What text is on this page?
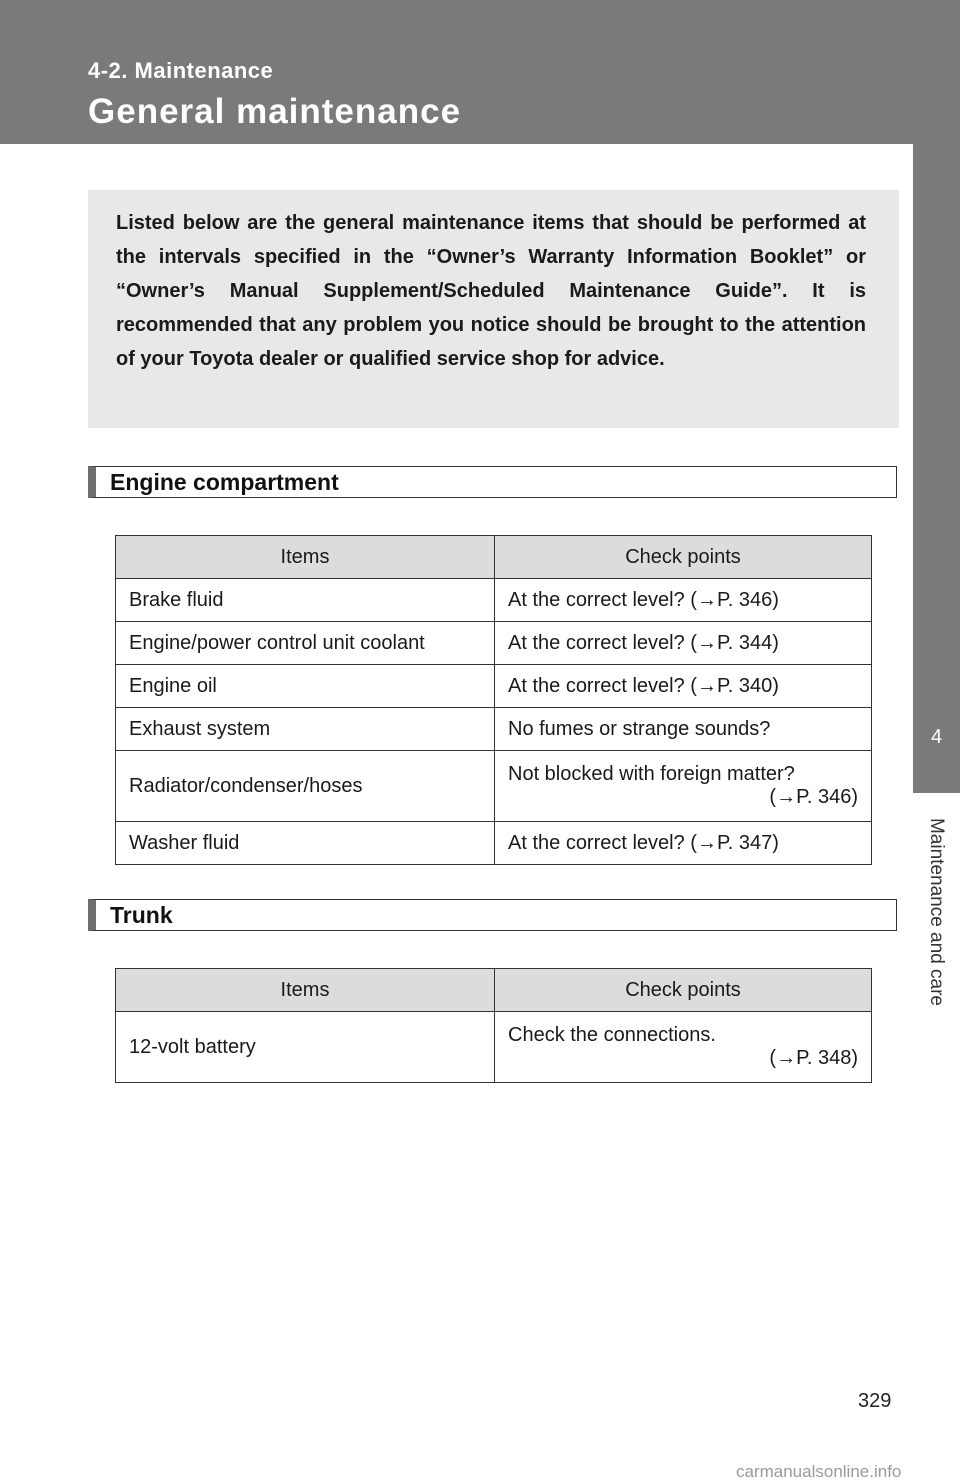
4-2. Maintenance
General maintenance
4
Maintenance and care

Listed below are the general maintenance items that should be performed at the intervals specified in the “Owner’s Warranty Information Booklet” or “Owner’s Manual Supplement/Scheduled Maintenance Guide”. It is recommended that any problem you notice should be brought to the attention of your Toyota dealer or qualified service shop for advice.

Engine compartment
Items	Check points
Brake fluid	At the correct level? (→P. 346)
Engine/power control unit coolant	At the correct level? (→P. 344)
Engine oil	At the correct level? (→P. 340)
Exhaust system	No fumes or strange sounds?
Radiator/condenser/hoses	Not blocked with foreign matter?
(→P. 346)

Washer fluid	At the correct level? (→P. 347)
Trunk
Items	Check points
12-volt battery	Check the connections.
(→P. 348)
329
carmanualsonline.info
